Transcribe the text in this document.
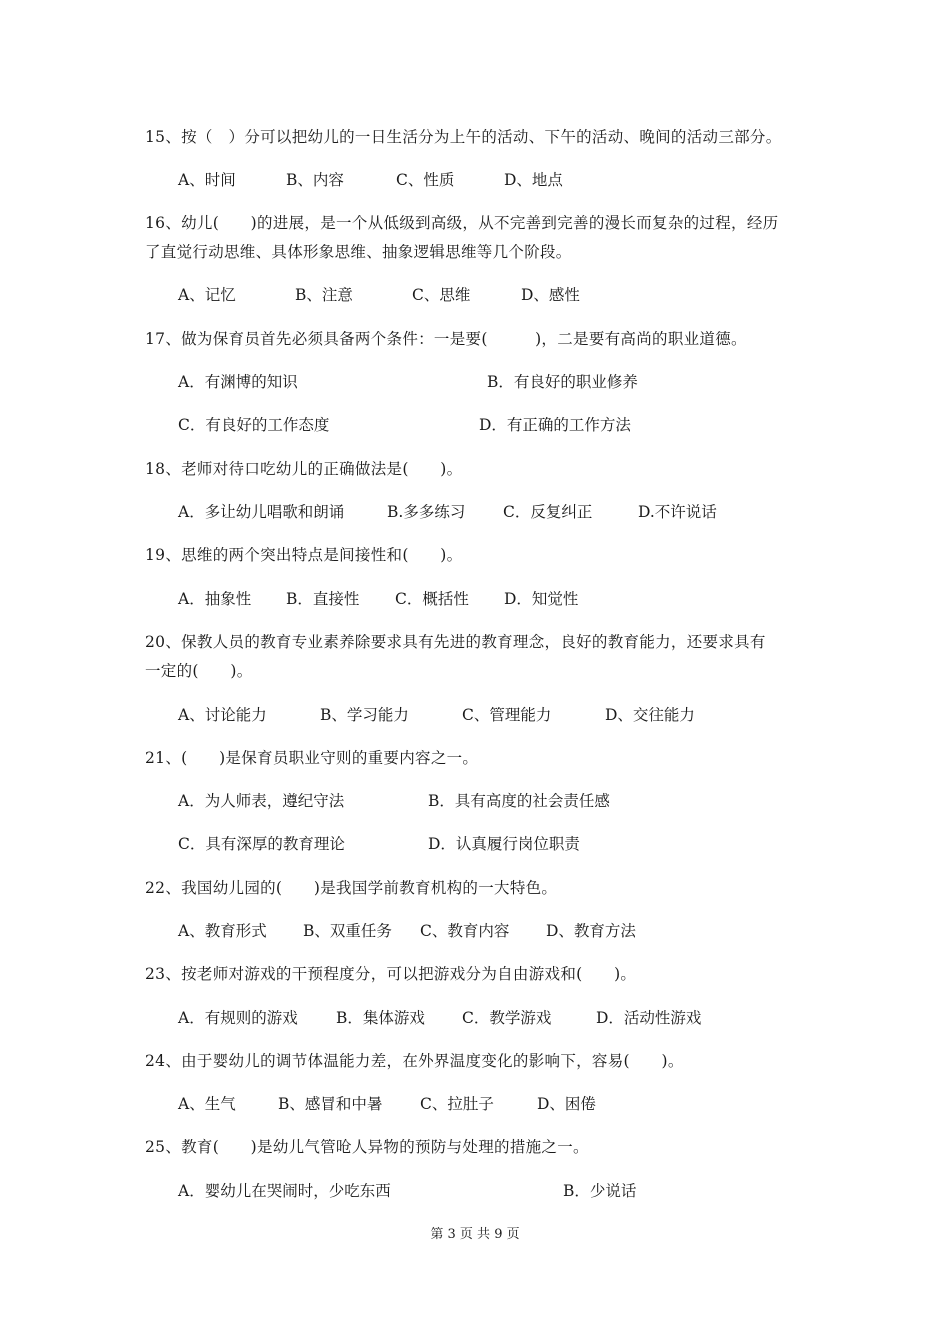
15、按（　）分可以把幼儿的一日生活分为上午的活动、下午的活动、晚间的活动三部分。
A、时间	B、内容	C、性质	D、地点
16、幼儿(　　)的进展，是一个从低级到高级，从不完善到完善的漫长而复杂的过程，经历
了直觉行动思维、具体形象思维、抽象逻辑思维等几个阶段。
A、记忆	B、注意	C、思维	D、感性
17、做为保育员首先必须具备两个条件：一是要(　　　)，二是要有高尚的职业道德。
A．有渊博的知识	B．有良好的职业修养
C．有良好的工作态度	D．有正确的工作方法
18、老师对待口吃幼儿的正确做法是(　　)。
A．多让幼儿唱歌和朗诵	B.多多练习 C．反复纠正	D.不许说话
19、思维的两个突出特点是间接性和(　　)。
A．抽象性 B．直接性 C．概括性 D．知觉性
20、保教人员的教育专业素养除要求具有先进的教育理念，良好的教育能力，还要求具有
一定的(　　)。
A、讨论能力	B、学习能力	C、管理能力	D、交往能力
21、(　　)是保育员职业守则的重要内容之一。
A．为人师表，遵纪守法	B．具有高度的社会责任感
C．具有深厚的教育理论	D．认真履行岗位职责
22、我国幼儿园的(　　)是我国学前教育机构的一大特色。
A、教育形式 B、双重任务 C、教育内容 D、教育方法
23、按老师对游戏的干预程度分，可以把游戏分为自由游戏和(　　)。
A．有规则的游戏 B．集体游戏 C．教学游戏	D．活动性游戏
24、由于婴幼儿的调节体温能力差，在外界温度变化的影响下，容易(　　)。
A、生气	B、感冒和中暑 C、拉肚子	D、困倦
25、教育(　　)是幼儿气管呛人异物的预防与处理的措施之一。
A．婴幼儿在哭闹时，少吃东西	B．少说话
第 3 页 共 9 页
